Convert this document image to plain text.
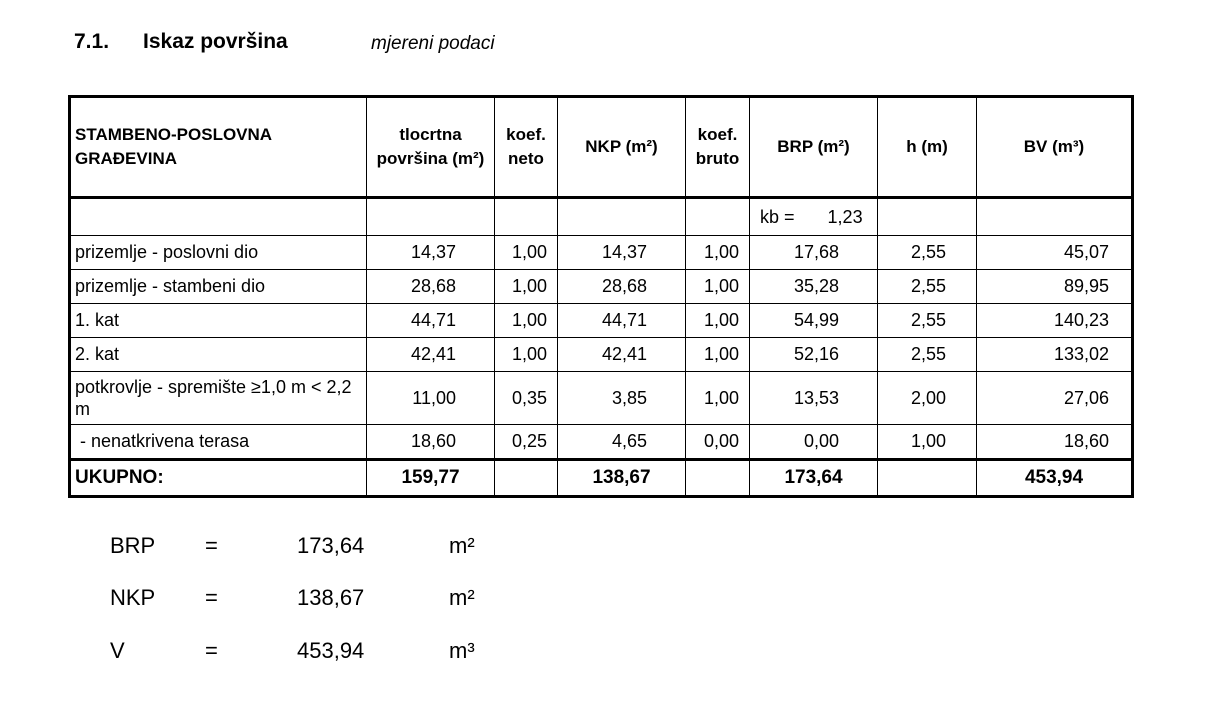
7.1. Iskaz površina	mjereni podaci
STAMBENO-POSLOVNA GRAĐEVINA	tlocrtna površina (m²)	koef. neto	NKP (m²)	koef. bruto	BRP (m²)	h (m)	BV (m³)
					kb = 1,23		
prizemlje - poslovni dio	14,37	1,00	14,37	1,00	17,68	2,55	45,07
prizemlje - stambeni dio	28,68	1,00	28,68	1,00	35,28	2,55	89,95
1. kat	44,71	1,00	44,71	1,00	54,99	2,55	140,23
2. kat	42,41	1,00	42,41	1,00	52,16	2,55	133,02
potkrovlje - spremište ≥1,0 m < 2,2 m	11,00	0,35	3,85	1,00	13,53	2,00	27,06
- nenatkrivena terasa	18,60	0,25	4,65	0,00	0,00	1,00	18,60
UKUPNO:	159,77		138,67		173,64		453,94
BRP =	173,64	m²
NKP =	138,67	m²
V	=	453,94	m³
